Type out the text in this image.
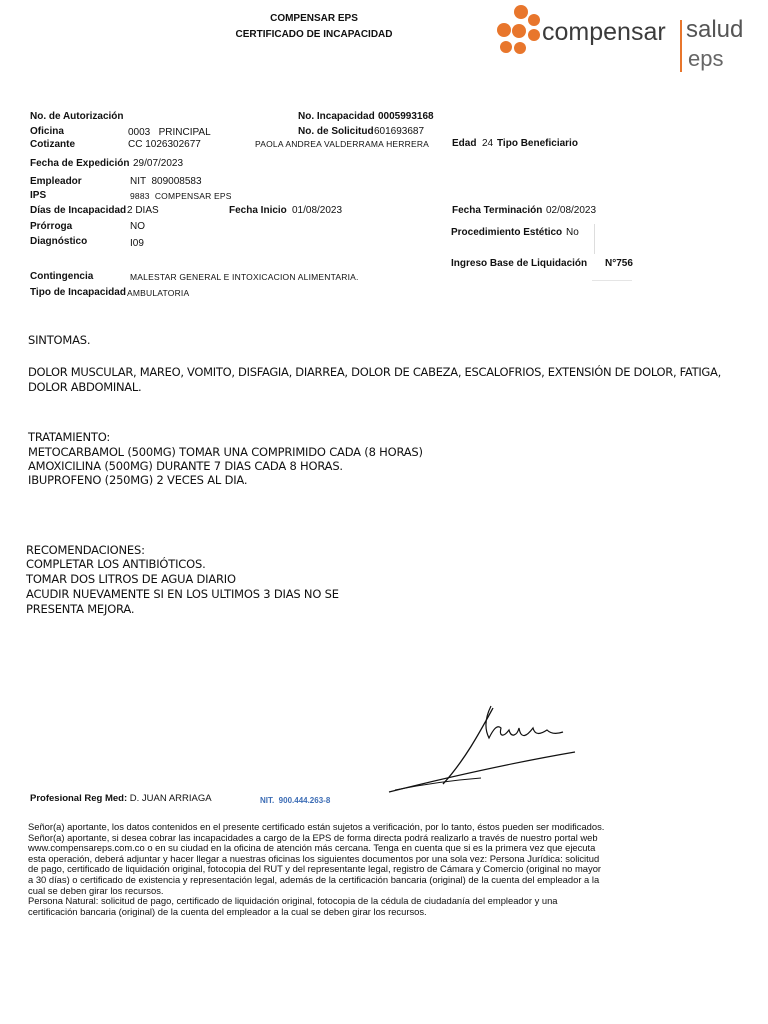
COMPENSAR EPS
CERTIFICADO DE INCAPACIDAD	compensar salud
eps
No. de Autorización	No. Incapacidad 0005993168
Oficina	0003   PRINCIPAL	No. de Solicitud 601693687
Cotizante	CC 1026302677	PAOLA ANDREA VALDERRAMA HERRERA Edad 24 Tipo Beneficiario
Fecha de Expedición 29/07/2023
Empleador	NIT  809008583
IPS	9883  COMPENSAR EPS
Días de Incapacidad 2 DIAS	Fecha Inicio 01/08/2023	Fecha Terminación 02/08/2023
Prórroga	NO
Procedimiento Estético No
Diagnóstico	I09
Ingreso Base de Liquidación N°756
Contingencia	MALESTAR GENERAL E INTOXICACION ALIMENTARIA.
Tipo de Incapacidad AMBULATORIA
SINTOMAS.
DOLOR MUSCULAR, MAREO, VOMITO, DISFAGIA, DIARREA, DOLOR DE CABEZA, ESCALOFRIOS, EXTENSIÓN DE DOLOR, FATIGA, DOLOR ABDOMINAL.
TRATAMIENTO:
METOCARBAMOL (500MG) TOMAR UNA COMPRIMIDO CADA (8 HORAS)
AMOXICILINA (500MG) DURANTE 7 DIAS CADA 8 HORAS.
IBUPROFENO (250MG) 2 VECES AL DIA.
RECOMENDACIONES:
COMPLETAR LOS ANTIBIÓTICOS.
TOMAR DOS LITROS DE AGUA DIARIO
ACUDIR NUEVAMENTE SI EN LOS ULTIMOS 3 DIAS NO SE
PRESENTA MEJORA.
Profesional Reg Med: D. JUAN ARRIAGA	NIT.  900.444.263-8

Señor(a) aportante, los datos contenidos en el presente certificado están sujetos a verificación, por lo tanto, éstos pueden ser modificados. Señor(a) aportante, si desea cobrar las incapacidades a cargo de la EPS de forma directa podrá realizarlo a través de nuestro portal web www.compensareps.com.co o en su ciudad en la oficina de atención más cercana. Tenga en cuenta que si es la primera vez que ejecuta esta operación, deberá adjuntar y hacer llegar a nuestras oficinas los siguientes documentos por una sola vez: Persona Jurídica: solicitud de pago, certificado de liquidación original, fotocopia del RUT y del representante legal, registro de Cámara y Comercio (original no mayor a 30 días) o certificado de existencia y representación legal, además de la certificación bancaria (original) de la cuenta del empleador a la cual se deben girar los recursos.

Persona Natural: solicitud de pago, certificado de liquidación original, fotocopia de la cédula de ciudadanía del empleador y una certificación bancaria (original) de la cuenta del empleador a la cual se deben girar los recursos.
